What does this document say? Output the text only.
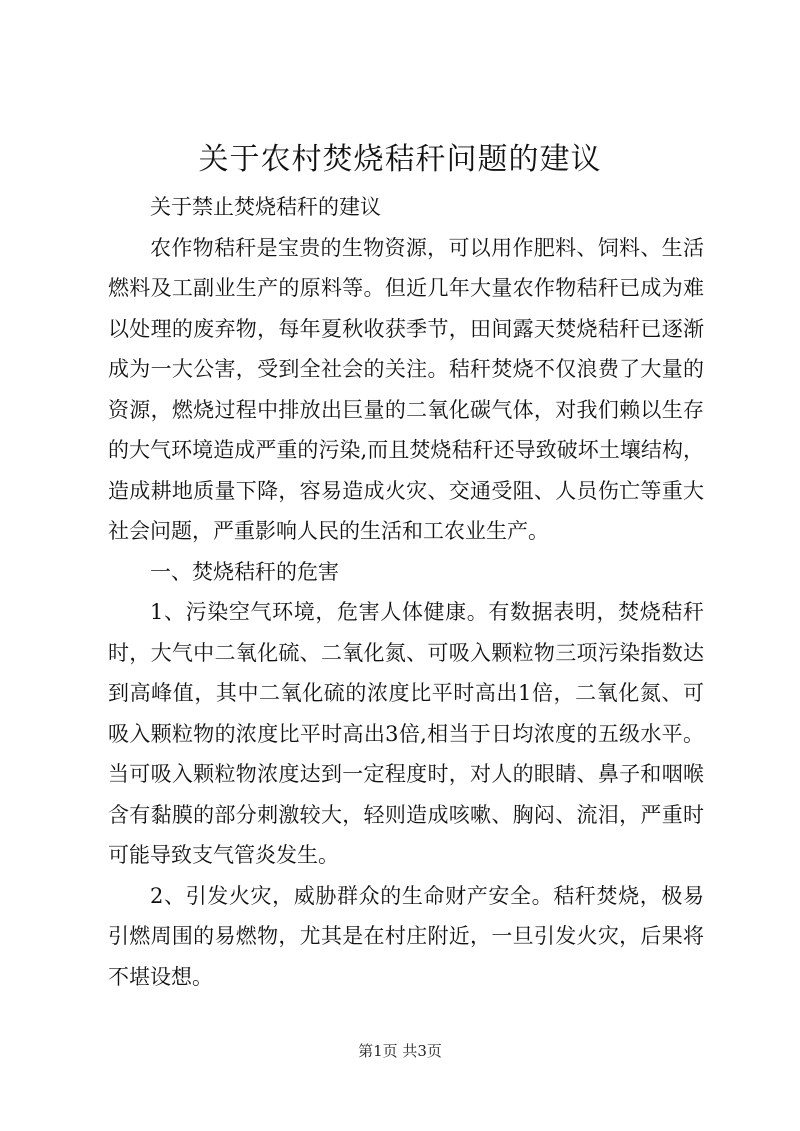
关于农村焚烧秸秆问题的建议

关于禁止焚烧秸秆的建议

农作物秸秆是宝贵的生物资源，可以用作肥料、饲料、生活燃料及工副业生产的原料等。但近几年大量农作物秸秆已成为难以处理的废弃物，每年夏秋收获季节，田间露天焚烧秸秆已逐渐成为一大公害，受到全社会的关注。秸秆焚烧不仅浪费了大量的资源，燃烧过程中排放出巨量的二氧化碳气体，对我们赖以生存的大气环境造成严重的污染,而且焚烧秸秆还导致破坏土壤结构，造成耕地质量下降，容易造成火灾、交通受阻、人员伤亡等重大社会问题，严重影响人民的生活和工农业生产。

一、焚烧秸秆的危害

1、污染空气环境，危害人体健康。有数据表明，焚烧秸秆时，大气中二氧化硫、二氧化氮、可吸入颗粒物三项污染指数达到高峰值，其中二氧化硫的浓度比平时高出1倍，二氧化氮、可吸入颗粒物的浓度比平时高出3倍,相当于日均浓度的五级水平。当可吸入颗粒物浓度达到一定程度时，对人的眼睛、鼻子和咽喉含有黏膜的部分刺激较大，轻则造成咳嗽、胸闷、流泪，严重时可能导致支气管炎发生。

2、引发火灾，威胁群众的生命财产安全。秸秆焚烧，极易引燃周围的易燃物，尤其是在村庄附近，一旦引发火灾，后果将不堪设想。

第1页 共3页
